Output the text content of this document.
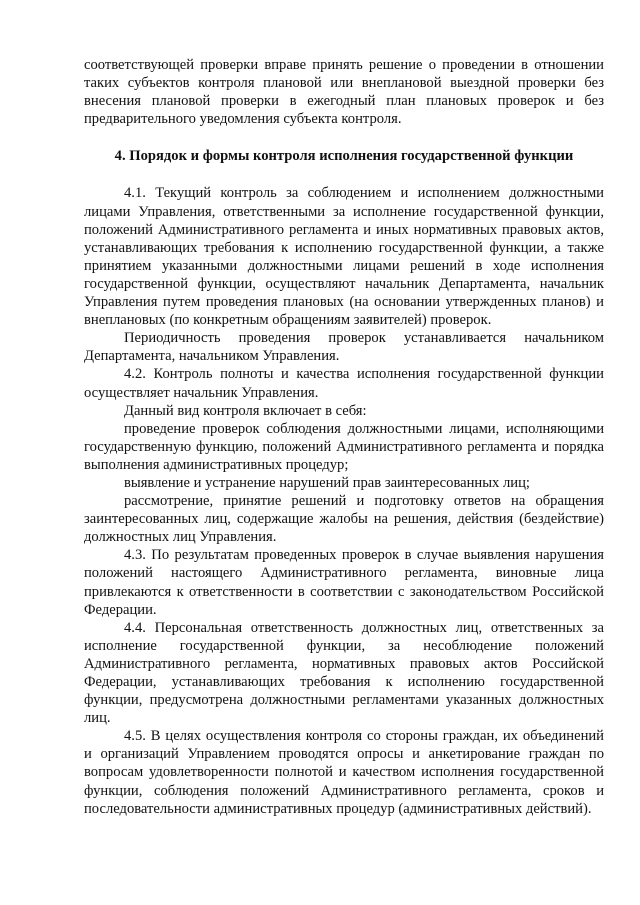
соответствующей проверки вправе принять решение о проведении в отношении таких субъектов контроля плановой или внеплановой выездной проверки без внесения плановой проверки в ежегодный план плановых проверок и без предварительного уведомления субъекта контроля.

4. Порядок и формы контроля исполнения государственной функции

4.1. Текущий контроль за соблюдением и исполнением должностными лицами Управления, ответственными за исполнение государственной функции, положений Административного регламента и иных нормативных правовых актов, устанавливающих требования к исполнению государственной функции, а также принятием указанными должностными лицами решений в ходе исполнения государственной функции, осуществляют начальник Департамента, начальник Управления путем проведения плановых (на основании утвержденных планов) и внеплановых (по конкретным обращениям заявителей) проверок.

Периодичность проведения проверок устанавливается начальником Департамента, начальником Управления.

4.2. Контроль полноты и качества исполнения государственной функции осуществляет начальник Управления.

Данный вид контроля включает в себя:

проведение проверок соблюдения должностными лицами, исполняющими государственную функцию, положений Административного регламента и порядка выполнения административных процедур;

выявление и устранение нарушений прав заинтересованных лиц;

рассмотрение, принятие решений и подготовку ответов на обращения заинтересованных лиц, содержащие жалобы на решения, действия (бездействие) должностных лиц Управления.

4.3. По результатам проведенных проверок в случае выявления нарушения положений настоящего Административного регламента, виновные лица привлекаются к ответственности в соответствии с законодательством Российской Федерации.

4.4. Персональная ответственность должностных лиц, ответственных за исполнение государственной функции, за несоблюдение положений Административного регламента, нормативных правовых актов Российской Федерации, устанавливающих требования к исполнению государственной функции, предусмотрена должностными регламентами указанных должностных лиц.

4.5. В целях осуществления контроля со стороны граждан, их объединений и организаций Управлением проводятся опросы и анкетирование граждан по вопросам удовлетворенности полнотой и качеством исполнения государственной функции, соблюдения положений Административного регламента, сроков и последовательности административных процедур (административных действий).
